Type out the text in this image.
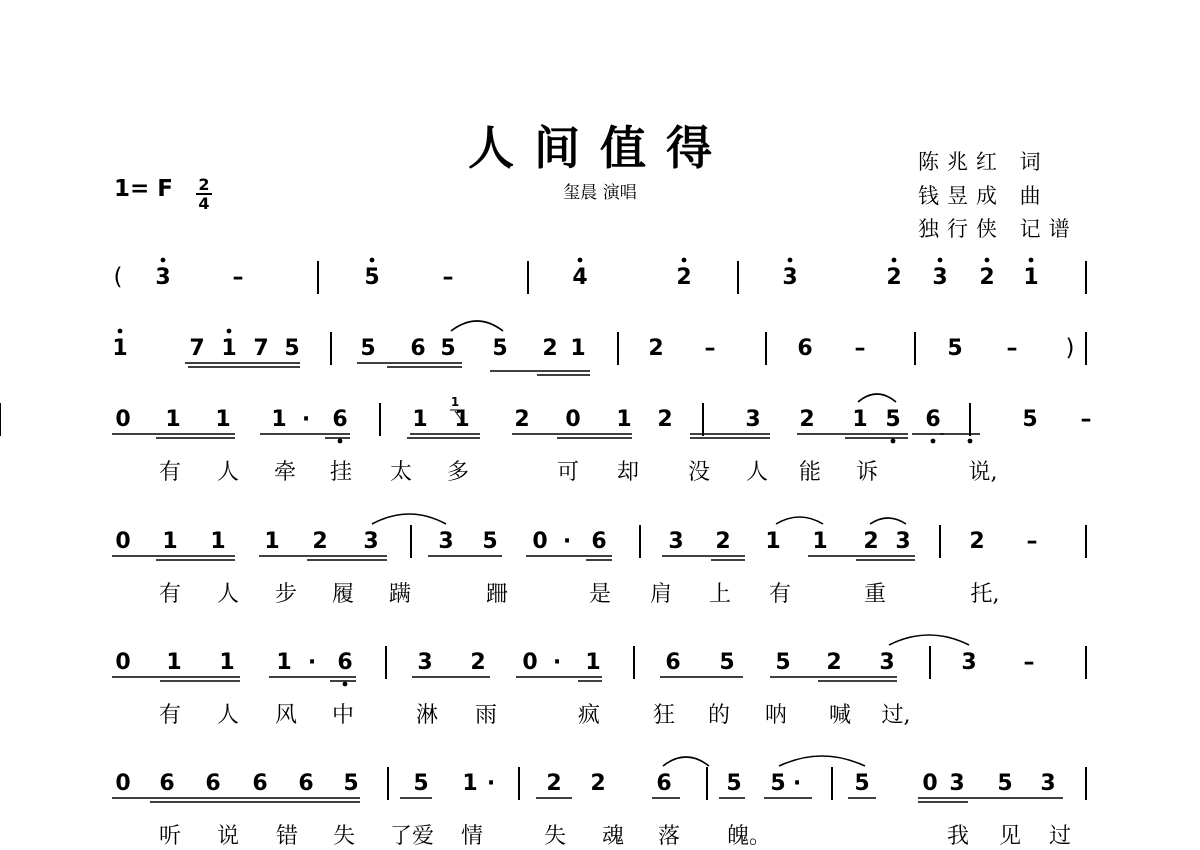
人间值得
玺晨 演唱
陈兆红 词
钱昱成 曲
独行侠 记谱
1= F 2
4
( 3	–	5	–	4	2	3	2 3 2 1
1	7 1 7 5	5 6 5 5 2 1	2 –	6 –	5 – )
0 1 1 1 · 6	1 1 2 0 1 2	3 2 1 5 6	5 –
有 人 牵 挂 太 多	可 却 没 人 能 诉	说,
0 1 1 1 2 3	3 5 0 · 6	3 2 1 1 2 3	2 –
有 人 步 履 蹒	跚	是 肩 上 有	重	托,
0 1 1 1 · 6	3 2 0 · 1	6 5 5 2 3	3 –
有 人 风 中	淋 雨	疯 狂 的 呐 喊 过,
0 6 6 6 6 5 5 1 · 2 2 6 5 5 · 5 0 3 5 3
听 说 错 失 了 爱 情	失 魂 落 魄。	我 见 过
1
